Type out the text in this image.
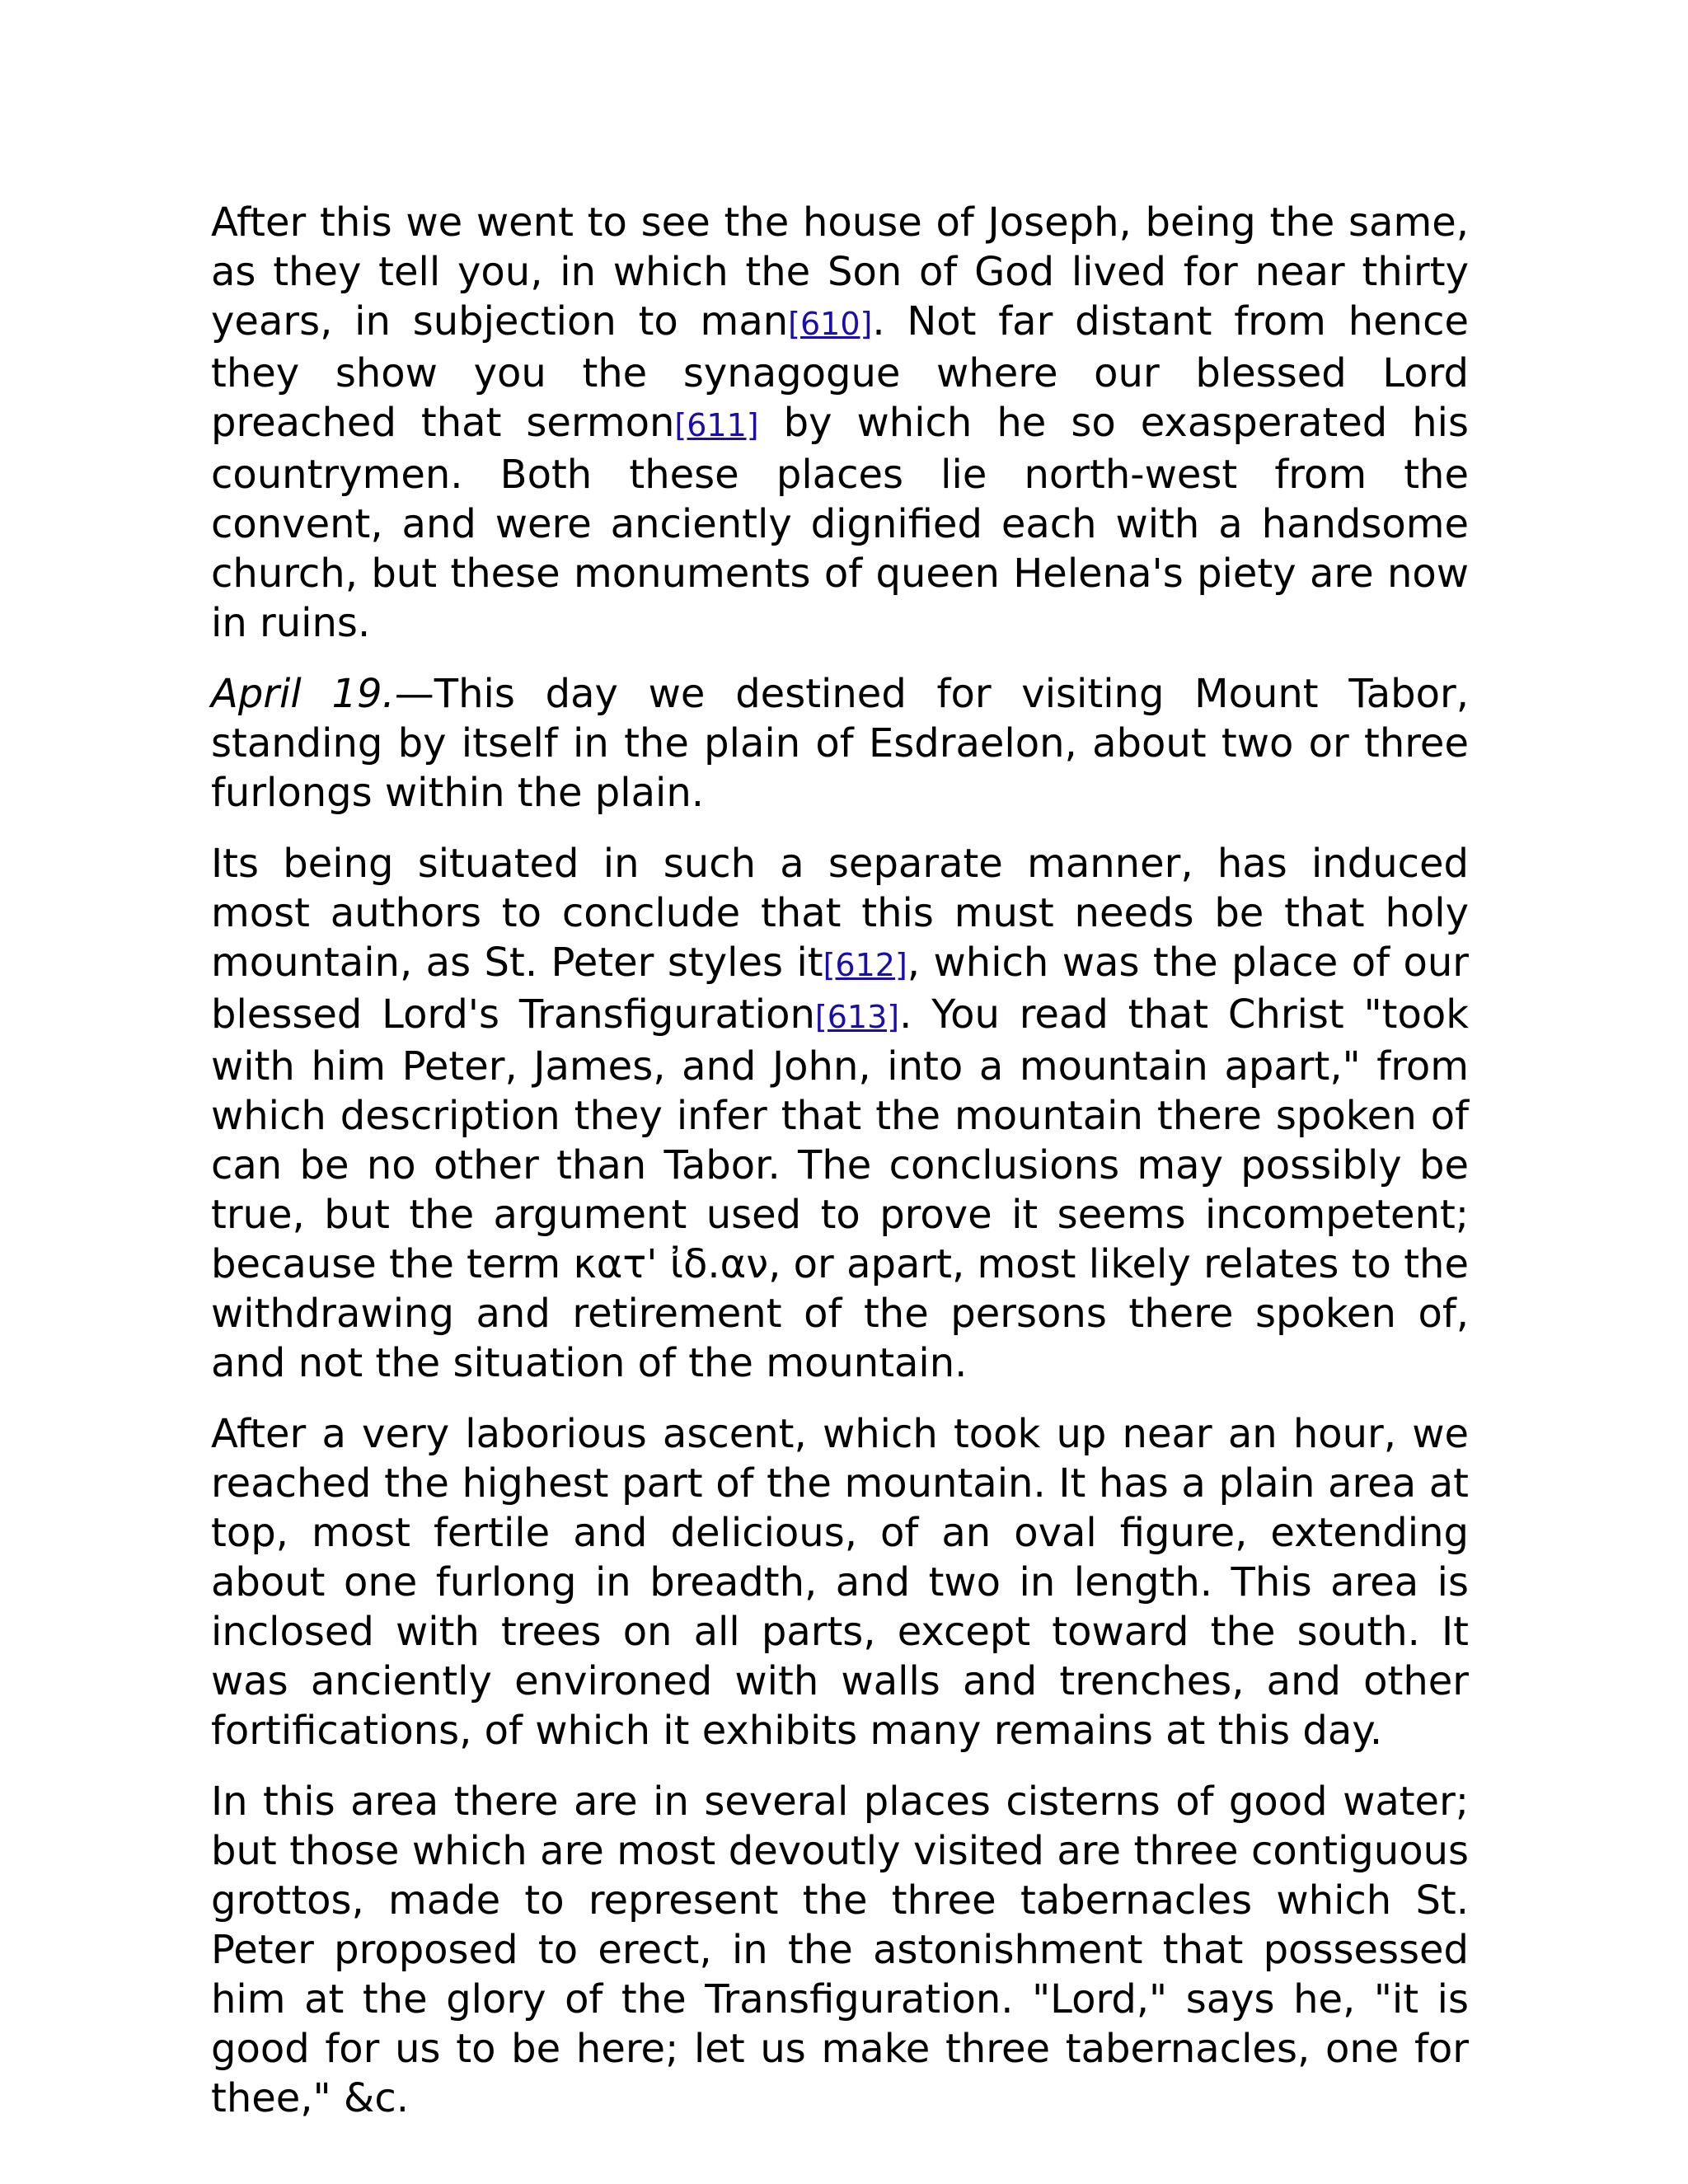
After this we went to see the house of Joseph, being the same, as they tell you, in which the Son of God lived for near thirty years, in subjection to man[610]. Not far distant from hence they show you the synagogue where our blessed Lord preached that sermon[611] by which he so exasperated his countrymen. Both these places lie north-west from the convent, and were anciently dignified each with a handsome church, but these monuments of queen Helena's piety are now in ruins.

April 19.—This day we destined for visiting Mount Tabor, standing by itself in the plain of Esdraelon, about two or three furlongs within the plain.

Its being situated in such a separate manner, has induced most authors to conclude that this must needs be that holy mountain, as St. Peter styles it[612], which was the place of our blessed Lord's Transfiguration[613]. You read that Christ "took with him Peter, James, and John, into a mountain apart," from which description they infer that the mountain there spoken of can be no other than Tabor. The conclusions may possibly be true, but the argument used to prove it seems incompetent; because the term κατ' ἰδ.αν, or apart, most likely relates to the withdrawing and retirement of the persons there spoken of, and not the situation of the mountain.

After a very laborious ascent, which took up near an hour, we reached the highest part of the mountain. It has a plain area at top, most fertile and delicious, of an oval figure, extending about one furlong in breadth, and two in length. This area is inclosed with trees on all parts, except toward the south. It was anciently environed with walls and trenches, and other fortifications, of which it exhibits many remains at this day.

In this area there are in several places cisterns of good water; but those which are most devoutly visited are three contiguous grottos, made to represent the three tabernacles which St. Peter proposed to erect, in the astonishment that possessed him at the glory of the Transfiguration. "Lord," says he, "it is good for us to be here; let us make three tabernacles, one for thee," &c.
